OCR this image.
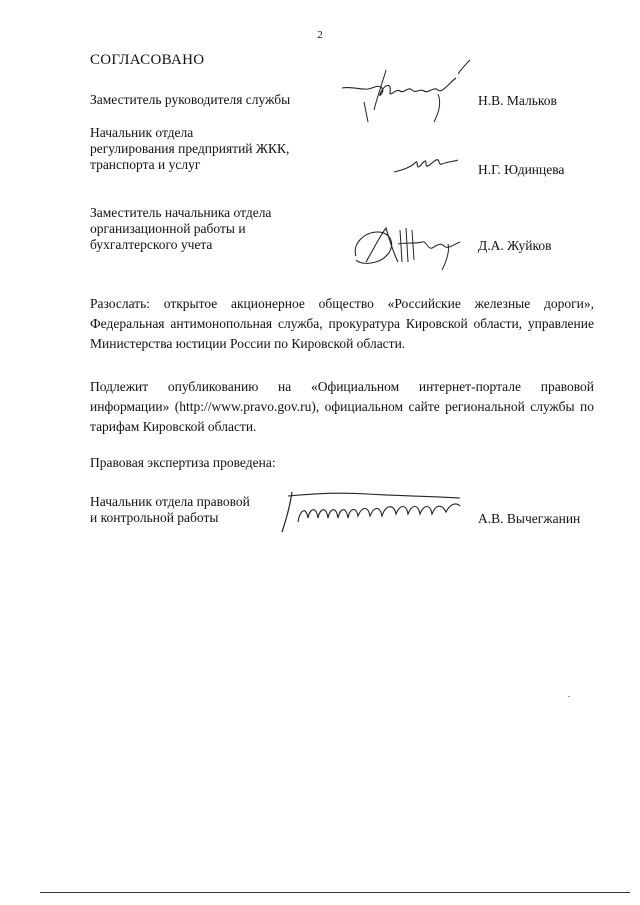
2
СОГЛАСОВАНО
Заместитель руководителя службы	Н.В. Мальков
Начальник отдела
регулирования предприятий ЖКК,
транспорта и услуг	Н.Г. Юдинцева
Заместитель начальника отдела
организационной работы и
бухгалтерского учета	Д.А. Жуйков
Разослать: открытое акционерное общество «Российские железные дороги», Федеральная антимонопольная служба, прокуратура Кировской области, управление Министерства юстиции России по Кировской области.
Подлежит опубликованию на «Официальном интернет-портале правовой информации» (http://www.pravo.gov.ru), официальном сайте региональной службы по тарифам Кировской области.
Правовая экспертиза проведена:
Начальник отдела правовой
и контрольной работы	А.В. Вычегжанин
